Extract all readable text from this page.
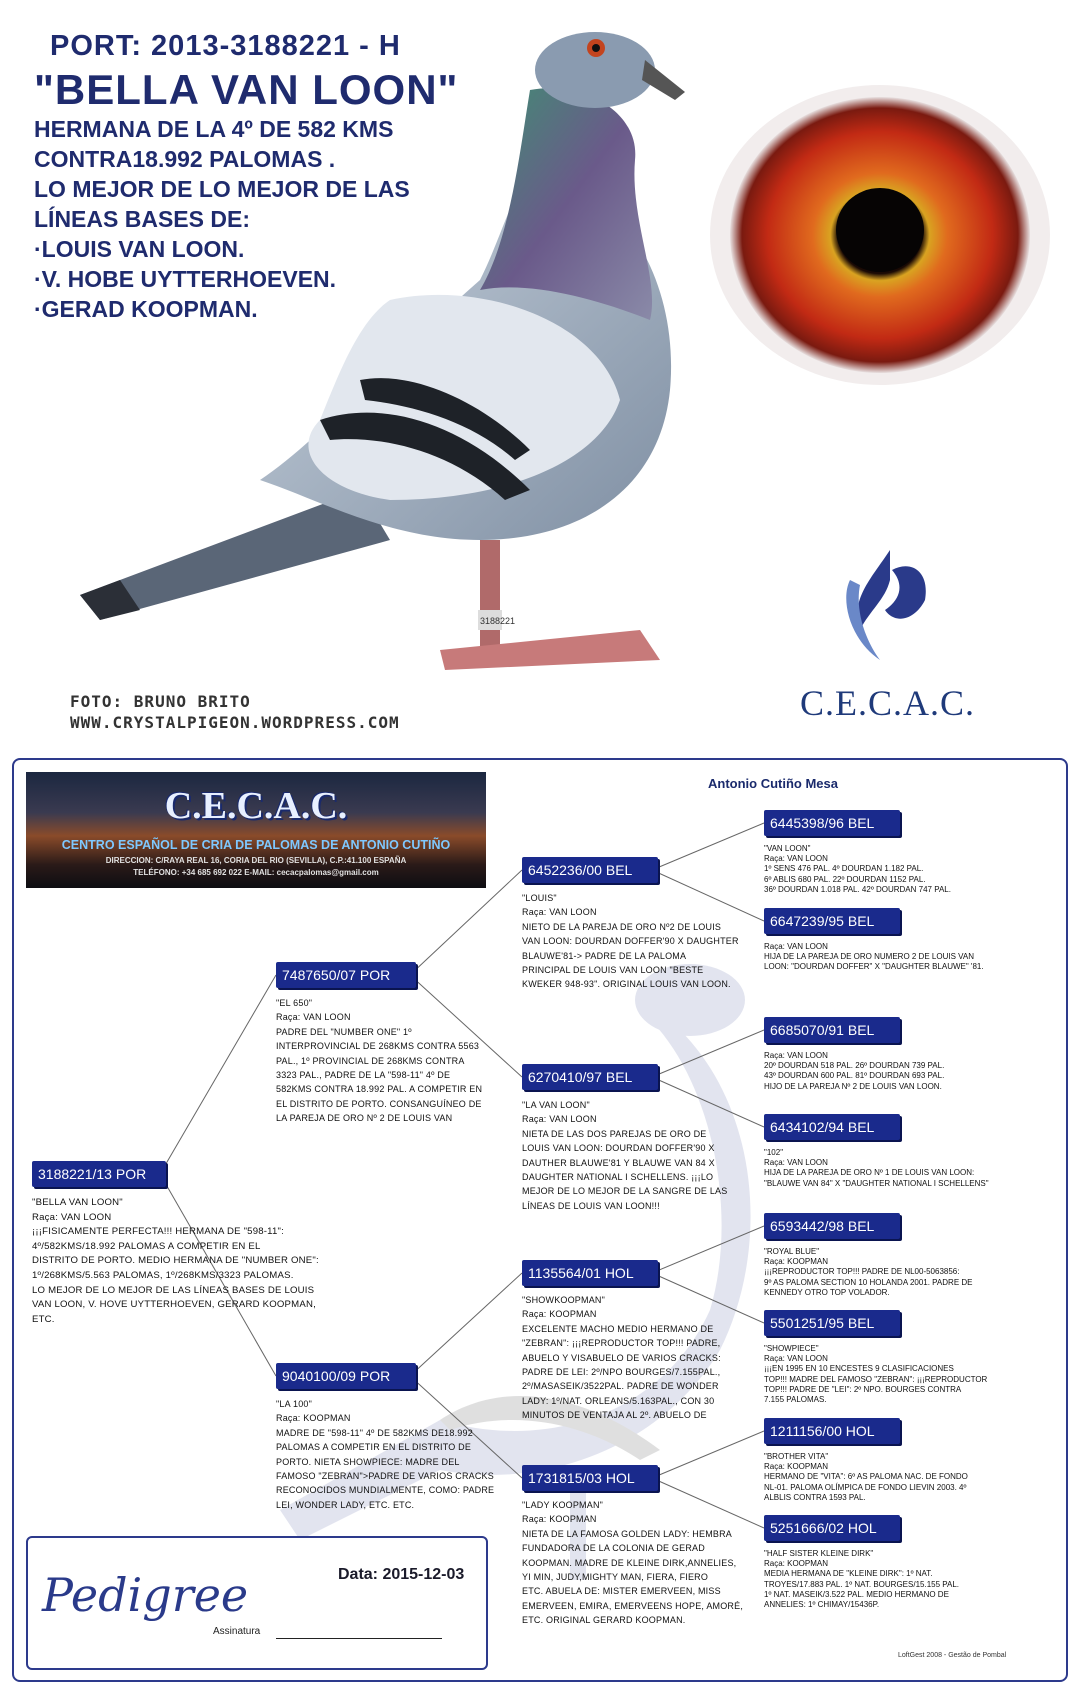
PORT: 2013-3188221 - H
"BELLA VAN LOON"
HERMANA DE LA 4º DE 582 KMS
CONTRA18.992 PALOMAS .
LO MEJOR DE LO MEJOR DE LAS
LÍNEAS BASES DE:
·LOUIS VAN LOON.
·V. HOBE UYTTERHOEVEN.
·GERAD KOOPMAN.
3188221
C.E.C.A.C.
FOTO: BRUNO BRITO
WWW.CRYSTALPIGEON.WORDPRESS.COM
C.E.C.A.C.
CENTRO ESPAÑOL DE CRIA DE PALOMAS DE ANTONIO CUTIÑO
DIRECCION: C/RAYA REAL 16, CORIA DEL RIO (SEVILLA), C.P.:41.100 ESPAÑA
TELÉFONO: +34 685 692 022 E-MAIL: cecacpalomas@gmail.com
Antonio Cutiño Mesa
3188221/13 POR
"BELLA VAN LOON"
Raça: VAN LOON
¡¡¡FISICAMENTE PERFECTA!!! HERMANA DE "598-11":
4º/582KMS/18.992 PALOMAS A COMPETIR EN EL
DISTRITO DE PORTO. MEDIO HERMANA DE "NUMBER ONE":
1º/268KMS/5.563 PALOMAS, 1º/268KMS/3323 PALOMAS.
LO MEJOR DE LO MEJOR DE LAS LÍNEAS BASES DE LOUIS
VAN LOON, V. HOVE UYTTERHOEVEN, GERARD KOOPMAN,
ETC.
7487650/07 POR
"EL 650"
Raça: VAN LOON
PADRE DEL "NUMBER ONE" 1º
INTERPROVINCIAL DE 268KMS CONTRA 5563
PAL., 1º PROVINCIAL DE 268KMS CONTRA
3323 PAL., PADRE DE LA "598-11" 4º DE
582KMS CONTRA 18.992 PAL. A COMPETIR EN
EL DISTRITO DE PORTO. CONSANGUÍNEO DE
LA PAREJA DE ORO Nº 2 DE LOUIS VAN
9040100/09 POR
"LA 100"
Raça: KOOPMAN
MADRE DE "598-11" 4º DE 582KMS DE18.992
PALOMAS A COMPETIR EN EL DISTRITO DE
PORTO. NIETA SHOWPIECE: MADRE DEL
FAMOSO "ZEBRAN">PADRE DE VARIOS CRACKS
RECONOCIDOS MUNDIALMENTE, COMO: PADRE
LEI, WONDER LADY, ETC. ETC.
6452236/00 BEL
"LOUIS"
Raça: VAN LOON
NIETO DE LA PAREJA DE ORO Nº2 DE LOUIS
VAN LOON: DOURDAN DOFFER'90 X DAUGHTER
BLAUWE'81-> PADRE DE LA PALOMA
PRINCIPAL DE LOUIS VAN LOON "BESTE
KWEKER 948-93". ORIGINAL LOUIS VAN LOON.
6270410/97 BEL
"LA VAN LOON"
Raça: VAN LOON
NIETA DE LAS DOS PAREJAS DE ORO DE
LOUIS VAN LOON: DOURDAN DOFFER'90 X
DAUTHER BLAUWE'81 Y BLAUWE VAN 84 X
DAUGHTER NATIONAL I SCHELLENS. ¡¡¡LO
MEJOR DE LO MEJOR DE LA SANGRE DE LAS
LÍNEAS DE LOUIS VAN LOON!!!
1135564/01 HOL
"SHOWKOOPMAN"
Raça: KOOPMAN
EXCELENTE MACHO MEDIO HERMANO DE
"ZEBRAN": ¡¡¡REPRODUCTOR TOP!!! PADRE,
ABUELO Y VISABUELO DE VARIOS CRACKS:
PADRE DE LEI: 2º/NPO BOURGES/7.155PAL.,
2º/MASASEIK/3522PAL. PADRE DE WONDER
LADY: 1º/NAT. ORLEANS/5.163PAL., CON 30
MINUTOS DE VENTAJA AL 2º. ABUELO DE
1731815/03 HOL
"LADY KOOPMAN"
Raça: KOOPMAN
NIETA DE LA FAMOSA GOLDEN LADY: HEMBRA
FUNDADORA DE LA COLONIA DE GERAD
KOOPMAN. MADRE DE KLEINE DIRK,ANNELIES,
YI MIN, JUDY,MIGHTY MAN, FIERA, FIERO
ETC. ABUELA DE: MISTER EMERVEEN, MISS
EMERVEEN, EMIRA, EMERVEENS HOPE, AMORÉ,
ETC. ORIGINAL GERARD KOOPMAN.
6445398/96 BEL
"VAN LOON"
Raça: VAN LOON
1º SENS 476 PAL. 4º DOURDAN 1.182 PAL.
6º ABLIS 680 PAL. 22º DOURDAN 1152 PAL.
36º DOURDAN 1.018 PAL. 42º DOURDAN 747 PAL.
6647239/95 BEL
Raça: VAN LOON
HIJA DE LA PAREJA DE ORO NUMERO 2 DE LOUIS VAN
LOON: "DOURDAN DOFFER" X "DAUGHTER BLAUWE" '81.
6685070/91 BEL
Raça: VAN LOON
20º DOURDAN 518 PAL. 26º DOURDAN 739 PAL.
43º DOURDAN 600 PAL. 81º DOURDAN 693 PAL.
HIJO DE LA PAREJA Nº 2 DE LOUIS VAN LOON.
6434102/94 BEL
"102"
Raça: VAN LOON
HIJA DE LA PAREJA DE ORO Nº 1 DE LOUIS VAN LOON:
"BLAUWE VAN 84" X "DAUGHTER NATIONAL I SCHELLENS"
6593442/98 BEL
"ROYAL BLUE"
Raça: KOOPMAN
¡¡¡REPRODUCTOR TOP!!! PADRE DE NL00-5063856:
9º AS PALOMA SECTION 10 HOLANDA 2001. PADRE DE
KENNEDY OTRO TOP VOLADOR.
5501251/95 BEL
"SHOWPIECE"
Raça: VAN LOON
¡¡¡EN 1995 EN 10 ENCESTES 9 CLASIFICACIONES
TOP!!! MADRE DEL FAMOSO "ZEBRAN": ¡¡¡REPRODUCTOR
TOP!!! PADRE DE "LEI": 2º NPO. BOURGES CONTRA
7.155 PALOMAS.
1211156/00 HOL
"BROTHER VITA"
Raça: KOOPMAN
HERMANO DE "VITA": 6º AS PALOMA NAC. DE FONDO
NL-01. PALOMA OLÍMPICA DE FONDO LIEVIN 2003. 4º
ALBLIS CONTRA 1593 PAL.
5251666/02 HOL
"HALF SISTER KLEINE DIRK"
Raça: KOOPMAN
MEDIA HERMANA DE "KLEINE DIRK": 1º NAT.
TROYES/17.883 PAL. 1º NAT. BOURGES/15.155 PAL.
1º NAT. MASEIK/3.522 PAL. MEDIO HERMANO DE
ANNELIES: 1º CHIMAY/15436P.
Pedigree	Data: 2015-12-03
Assinatura
LoftGest 2008 - Gestão de Pombal
